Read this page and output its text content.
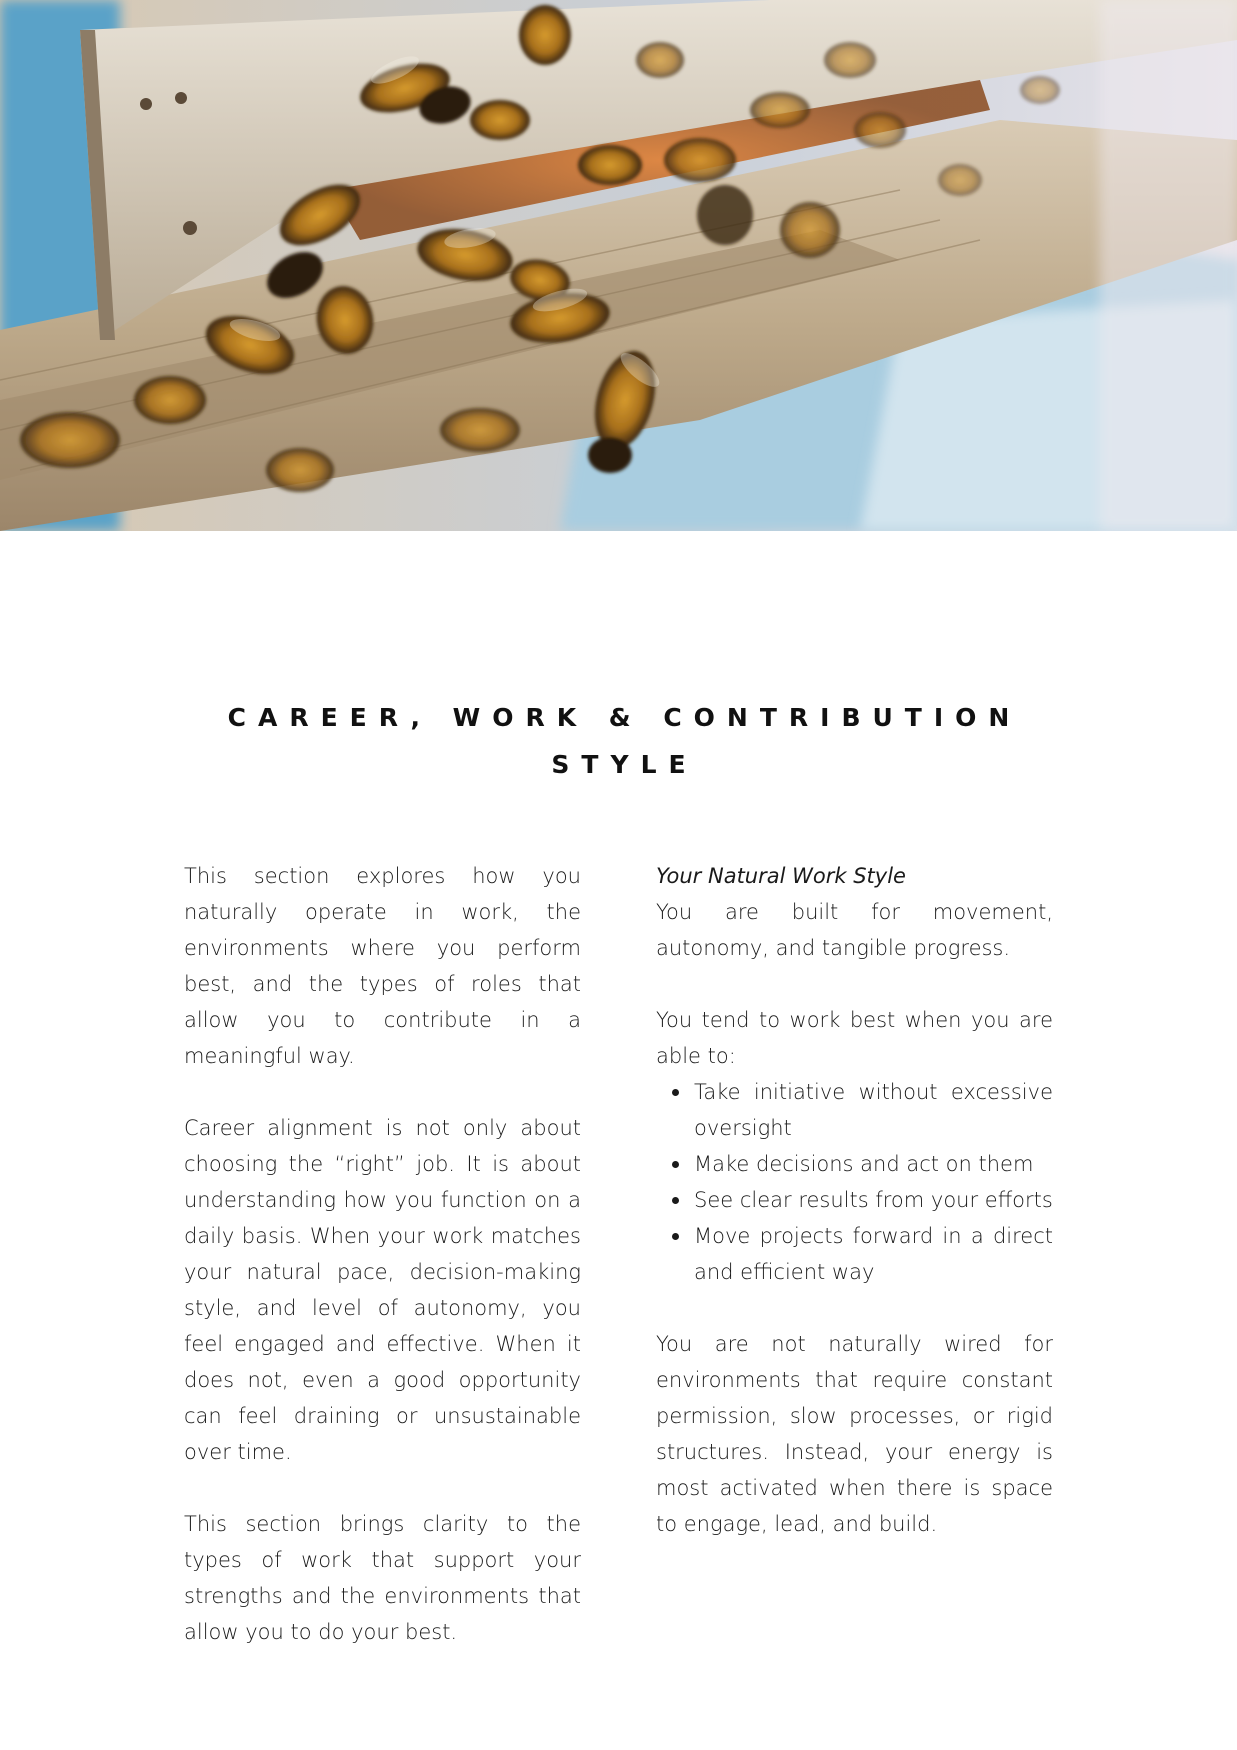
CAREER, WORK & CONTRIBUTION STYLE

This section explores how you naturally operate in work, the environments where you perform best, and the types of roles that allow you to contribute in a meaningful way.

Career alignment is not only about choosing the “right” job. It is about understanding how you function on a daily basis. When your work matches your natural pace, decision-making style, and level of autonomy, you feel engaged and effective. When it does not, even a good opportunity can feel draining or unsustainable over time.

This section brings clarity to the types of work that support your strengths and the environments that allow you to do your best.

Your Natural Work Style

You are built for movement, autonomy, and tangible progress.

You tend to work best when you are able to:

Take initiative without excessive oversight
Make decisions and act on them
See clear results from your efforts
Move projects forward in a direct and efficient way

You are not naturally wired for environments that require constant permission, slow processes, or rigid structures. Instead, your energy is most activated when there is space to engage, lead, and build.
